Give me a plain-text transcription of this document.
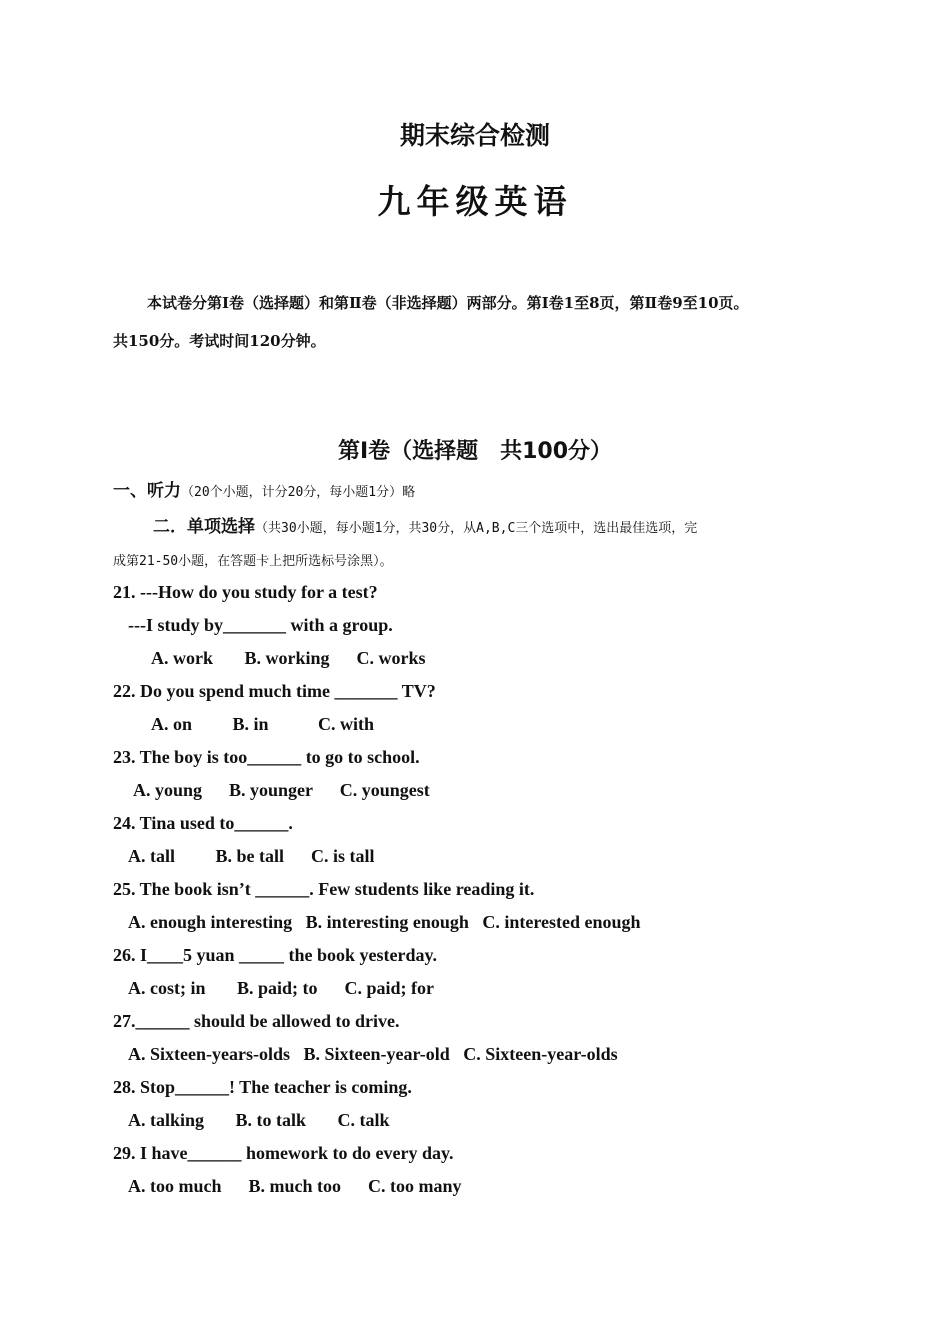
期末综合检测
九年级英语
本试卷分第Ⅰ卷（选择题）和第Ⅱ卷（非选择题）两部分。第Ⅰ卷1至8页，第Ⅱ卷9至10页。
共150分。考试时间120分钟。
第Ⅰ卷（选择题　共100分）
一、听力（20个小题，计分20分，每小题1分）略
二．单项选择（共30小题，每小题1分，共30分，从A,B,C三个选项中，选出最佳选项，完
成第21-50小题，在答题卡上把所选标号涂黑）。
21. ---How do you study for a test?
---I study by_______ with a group.
A. work       B. working      C. works
22. Do you spend much time _______ TV?
A. on         B. in           C. with
23. The boy is too______ to go to school.
A. young      B. younger      C. youngest
24. Tina used to______.
A. tall         B. be tall      C. is tall
25. The book isn’t ______. Few students like reading it.
A. enough interesting   B. interesting enough   C. interested enough
26. I____5 yuan _____ the book yesterday.
A. cost; in       B. paid; to      C. paid; for
27.______ should be allowed to drive.
A. Sixteen-years-olds   B. Sixteen-year-old   C. Sixteen-year-olds
28. Stop______! The teacher is coming.
A. talking       B. to talk       C. talk
29. I have______ homework to do every day.
A. too much      B. much too      C. too many
